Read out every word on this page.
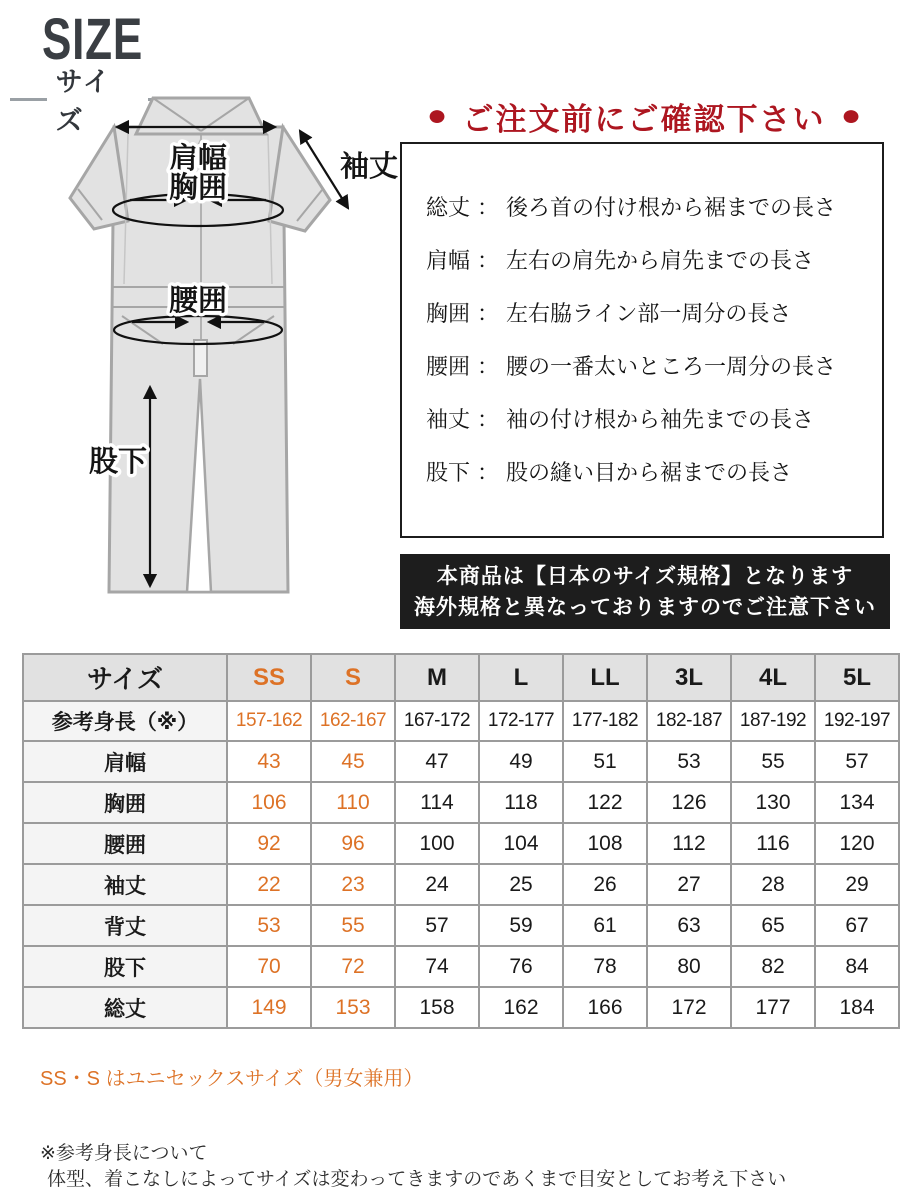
SIZE
サイズ
肩幅
胸囲
腰囲
袖丈
股下
● ご注文前にご確認下さい ●
総丈 ： 後ろ首の付け根から裾までの長さ
肩幅 ： 左右の肩先から肩先までの長さ
胸囲 ： 左右脇ライン部一周分の長さ
腰囲 ： 腰の一番太いところ一周分の長さ
袖丈 ： 袖の付け根から袖先までの長さ
股下 ： 股の縫い目から裾までの長さ
本商品は【日本のサイズ規格】となります
海外規格と異なっておりますのでご注意下さい
サイズ	SS	S	M	L	LL	3L	4L	5L
参考身長（※）	157-162	162-167	167-172	172-177	177-182	182-187	187-192	192-197
肩幅	43	45	47	49	51	53	55	57
胸囲	106	110	114	118	122	126	130	134
腰囲	92	96	100	104	108	112	116	120
袖丈	22	23	24	25	26	27	28	29
背丈	53	55	57	59	61	63	65	67
股下	70	72	74	76	78	80	82	84
総丈	149	153	158	162	166	172	177	184
SS・S はユニセックスサイズ（男女兼用）
※参考身長について
体型、着こなしによってサイズは変わってきますのであくまで目安としてお考え下さい
